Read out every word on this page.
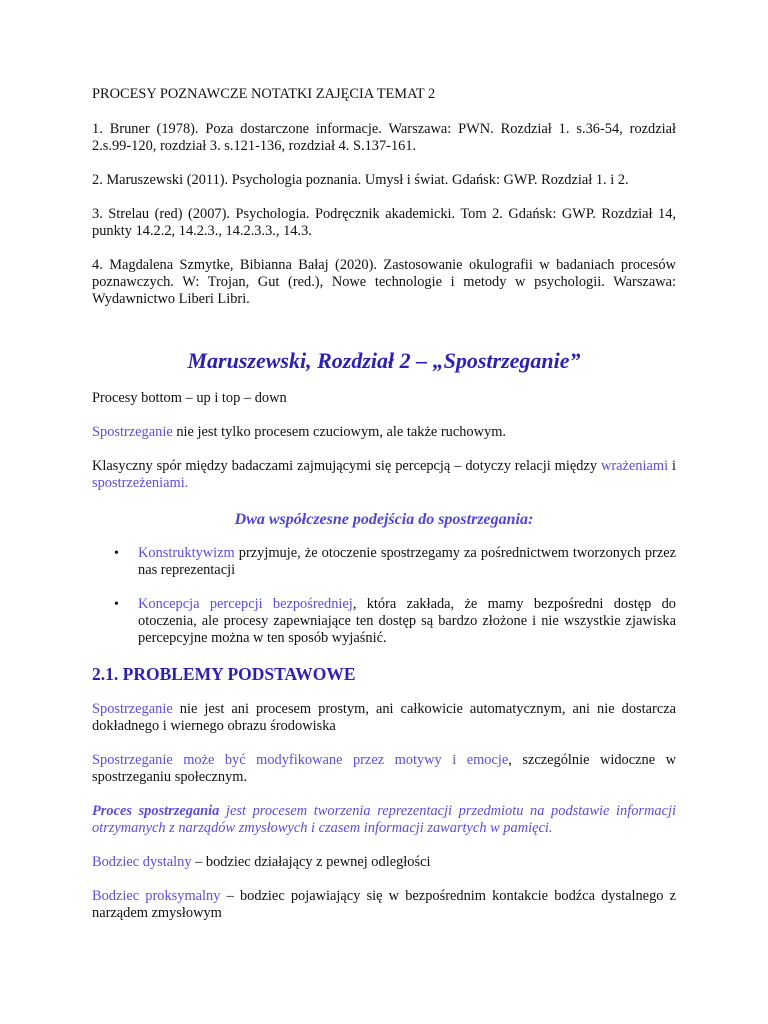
PROCESY POZNAWCZE NOTATKI ZAJĘCIA TEMAT 2

1. Bruner (1978). Poza dostarczone informacje. Warszawa: PWN. Rozdział 1. s.36-54, rozdział 2.s.99-120, rozdział 3. s.121-136, rozdział 4. S.137-161.

2. Maruszewski (2011). Psychologia poznania. Umysł i świat. Gdańsk: GWP. Rozdział 1. i 2.

3. Strelau (red) (2007). Psychologia. Podręcznik akademicki. Tom 2. Gdańsk: GWP. Rozdział 14, punkty 14.2.2, 14.2.3., 14.2.3.3., 14.3.

4. Magdalena Szmytke, Bibianna Bałaj (2020). Zastosowanie okulografii w badaniach procesów poznawczych. W: Trojan, Gut (red.), Nowe technologie i metody w psychologii. Warszawa: Wydawnictwo Liberi Libri.

Maruszewski, Rozdział 2 – „Spostrzeganie”

Procesy bottom – up i top – down

Spostrzeganie nie jest tylko procesem czuciowym, ale także ruchowym.

Klasyczny spór między badaczami zajmującymi się percepcją – dotyczy relacji między wrażeniami i spostrzeżeniami.

Dwa współczesne podejścia do spostrzegania:

• Konstruktywizm przyjmuje, że otoczenie spostrzegamy za pośrednictwem tworzonych przez nas reprezentacji

• Koncepcja percepcji bezpośredniej, która zakłada, że mamy bezpośredni dostęp do otoczenia, ale procesy zapewniające ten dostęp są bardzo złożone i nie wszystkie zjawiska percepcyjne można w ten sposób wyjaśnić.

2.1. PROBLEMY PODSTAWOWE

Spostrzeganie nie jest ani procesem prostym, ani całkowicie automatycznym, ani nie dostarcza dokładnego i wiernego obrazu środowiska

Spostrzeganie może być modyfikowane przez motywy i emocje, szczególnie widoczne w spostrzeganiu społecznym.

Proces spostrzegania jest procesem tworzenia reprezentacji przedmiotu na podstawie informacji otrzymanych z narządów zmysłowych i czasem informacji zawartych w pamięci.

Bodziec dystalny – bodziec działający z pewnej odległości

Bodziec proksymalny – bodziec pojawiający się w bezpośrednim kontakcie bodźca dystalnego z narządem zmysłowym
